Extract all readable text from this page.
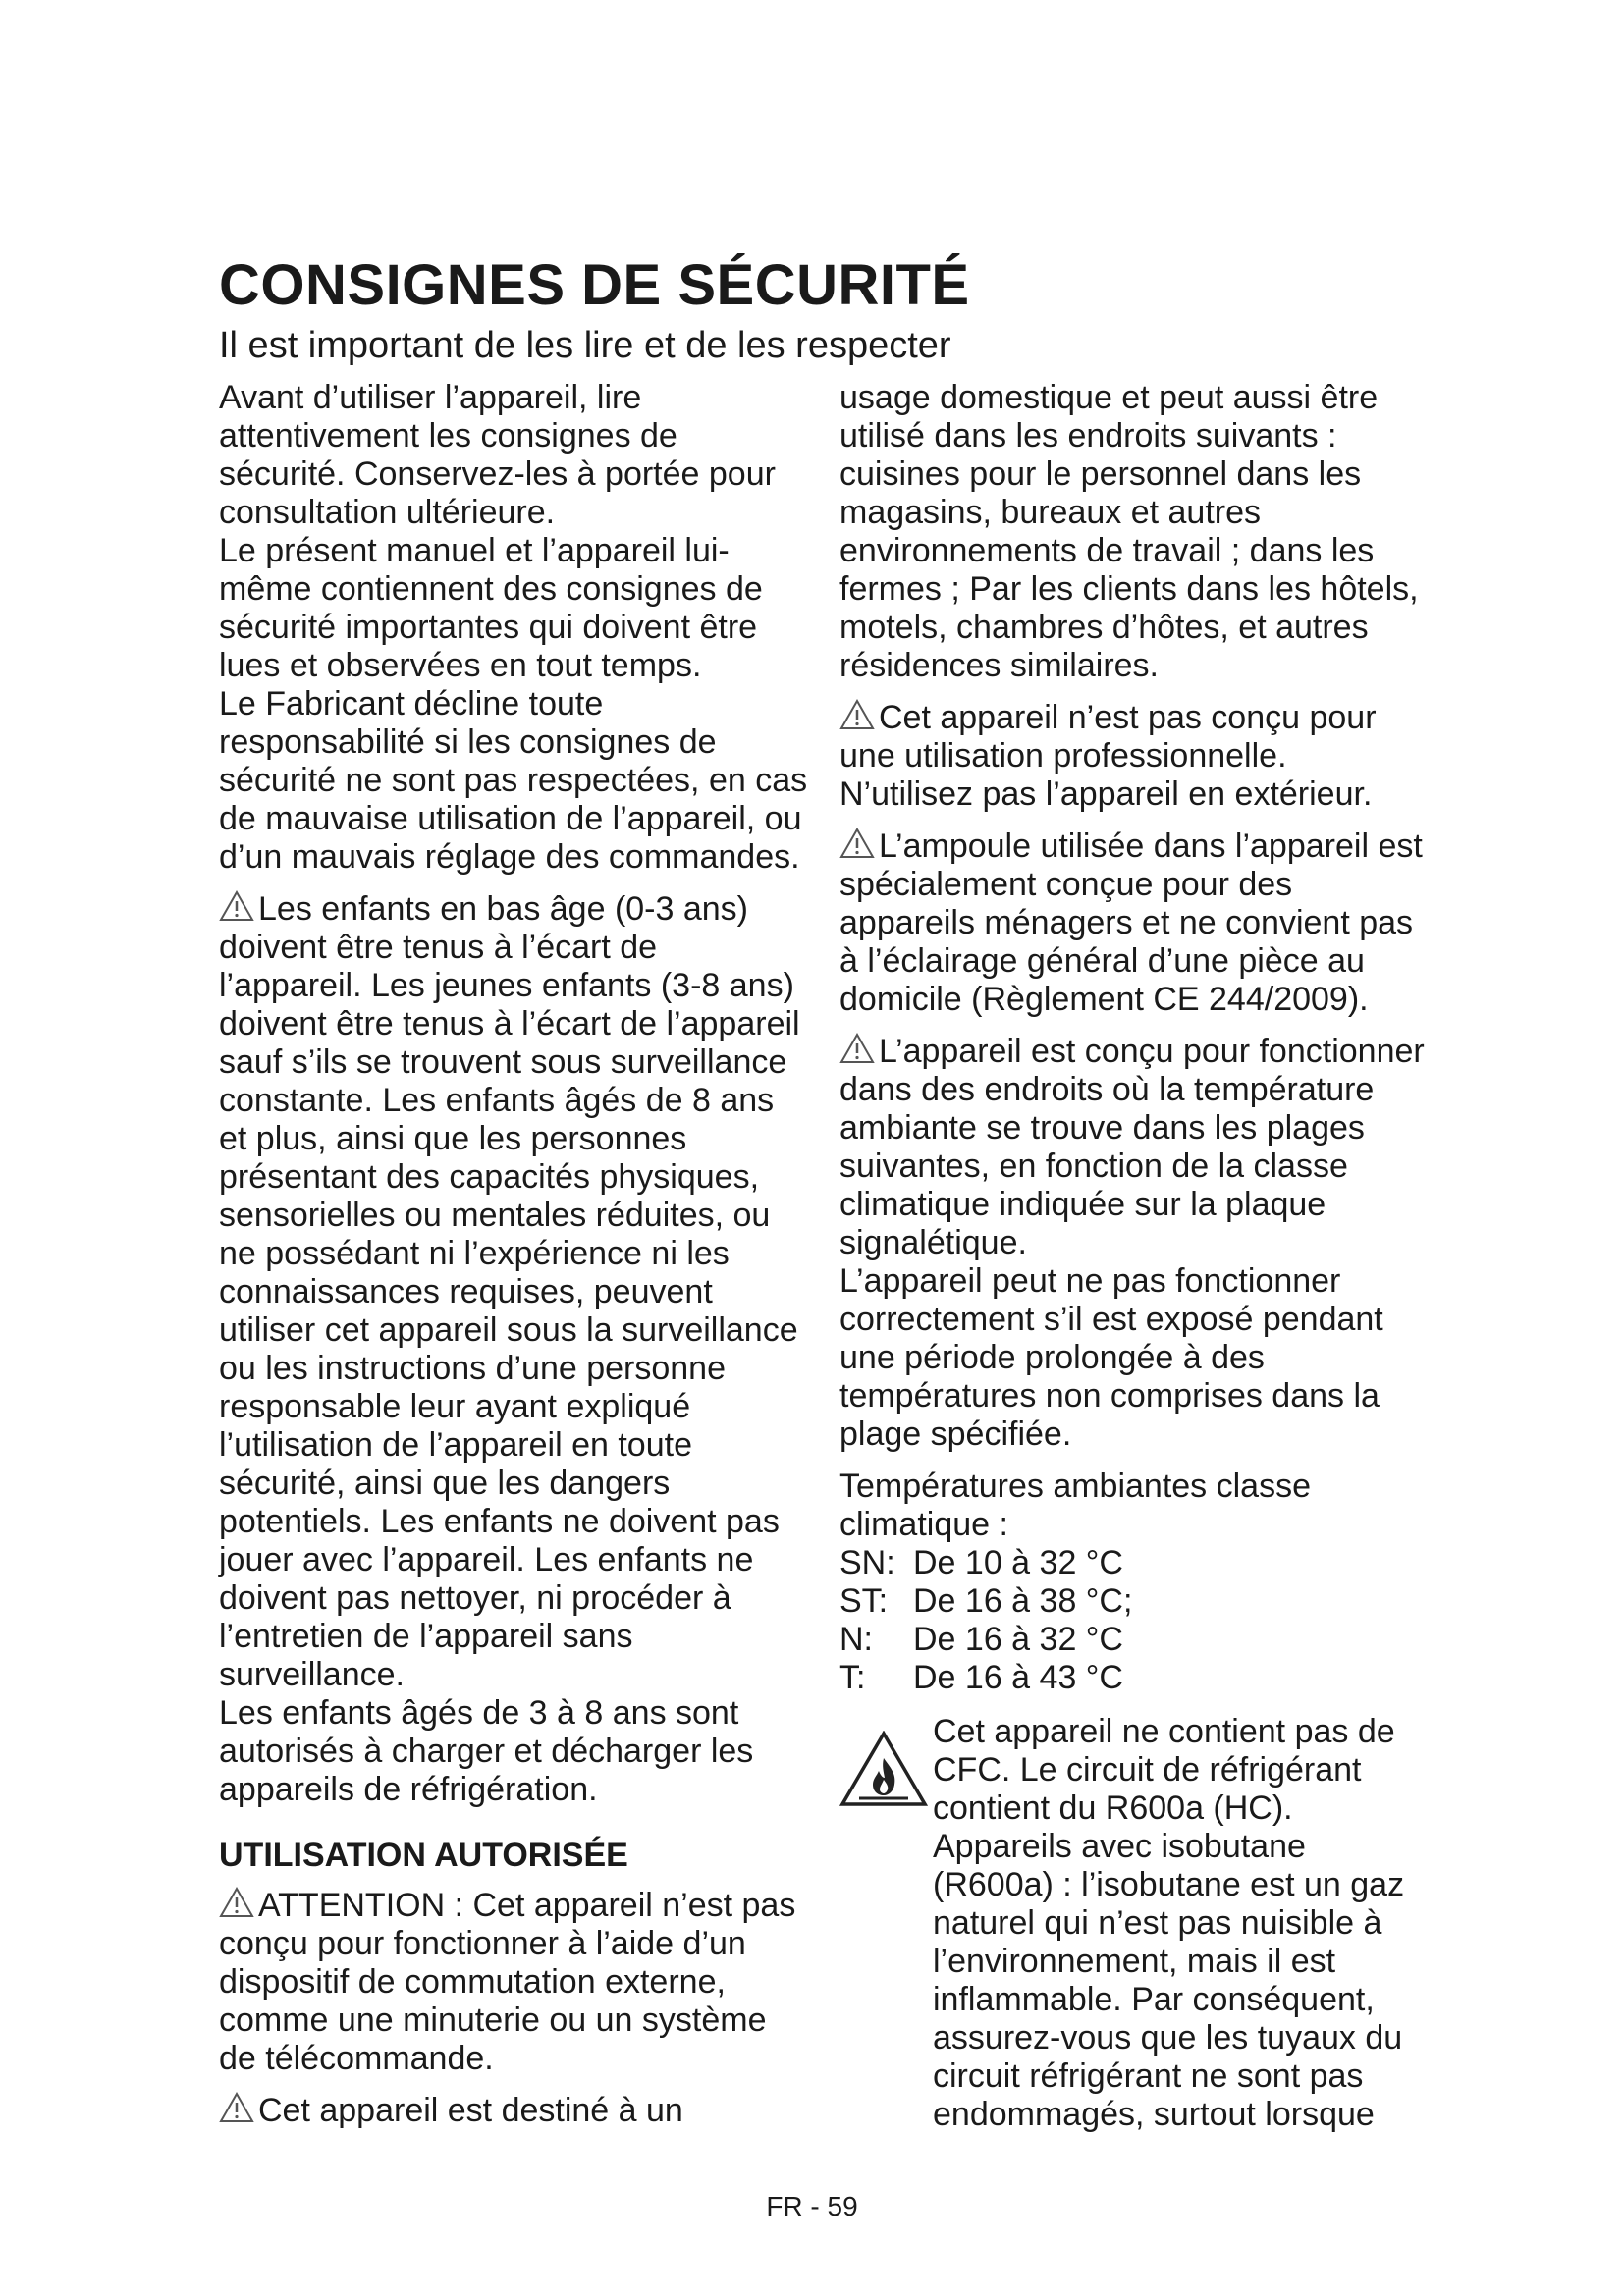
CONSIGNES DE SÉCURITÉ

Il est important de les lire et de les respecter

Avant d’utiliser l’appareil, lire attentivement les consignes de sécurité. Conservez-les à portée pour consultation ultérieure.

Le présent manuel et l’appareil lui-même contiennent des consignes de sécurité importantes qui doivent être lues et observées en tout temps.

Le Fabricant décline toute responsabilité si les consignes de sécurité ne sont pas respectées, en cas de mauvaise utilisation de l’appareil, ou d’un mauvais réglage des commandes.

Les enfants en bas âge (0-3 ans) doivent être tenus à l’écart de l’appareil. Les jeunes enfants (3-8 ans) doivent être tenus à l’écart de l’appareil sauf s’ils se trouvent sous surveillance constante. Les enfants âgés de 8 ans et plus, ainsi que les personnes présentant des capacités physiques, sensorielles ou mentales réduites, ou ne possédant ni l’expérience ni les connaissances requises, peuvent utiliser cet appareil sous la surveillance ou les instructions d’une personne responsable leur ayant expliqué l’utilisation de l’appareil en toute sécurité, ainsi que les dangers potentiels. Les enfants ne doivent pas jouer avec l’appareil. Les enfants ne doivent pas nettoyer, ni procéder à l’entretien de l’appareil sans surveillance.

Les enfants âgés de 3 à 8 ans sont autorisés à charger et décharger les appareils de réfrigération.

UTILISATION AUTORISÉE

ATTENTION : Cet appareil n’est pas conçu pour fonctionner à l’aide d’un dispositif de commutation externe, comme une minuterie ou un système de télécommande.

Cet appareil est destiné à un

usage domestique et peut aussi être utilisé dans les endroits suivants : cuisines pour le personnel dans les magasins, bureaux et autres environnements de travail ; dans les fermes ; Par les clients dans les hôtels, motels, chambres d’hôtes, et autres résidences similaires.

Cet appareil n’est pas conçu pour une utilisation professionnelle. N’utilisez pas l’appareil en extérieur.

L’ampoule utilisée dans l’appareil est spécialement conçue pour des appareils ménagers et ne convient pas à l’éclairage général d’une pièce au domicile (Règlement CE 244/2009).

L’appareil est conçu pour fonctionner dans des endroits où la température ambiante se trouve dans les plages suivantes, en fonction de la classe climatique indiquée sur la plaque signalétique.

L’appareil peut ne pas fonctionner correctement s’il est exposé pendant une période prolongée à des températures non comprises dans la plage spécifiée.

Températures ambiantes classe climatique :

SN: De 10 à 32 °C

ST: De 16 à 38 °C;

N: De 16 à 32 °C

T: De 16 à 43 °C

Cet appareil ne contient pas de CFC. Le circuit de réfrigérant contient du R600a (HC). Appareils avec isobutane (R600a) : l’isobutane est un gaz naturel qui n’est pas nuisible à l’environnement, mais il est inflammable. Par conséquent, assurez-vous que les tuyaux du circuit réfrigérant ne sont pas endommagés, surtout lorsque

FR - 59
